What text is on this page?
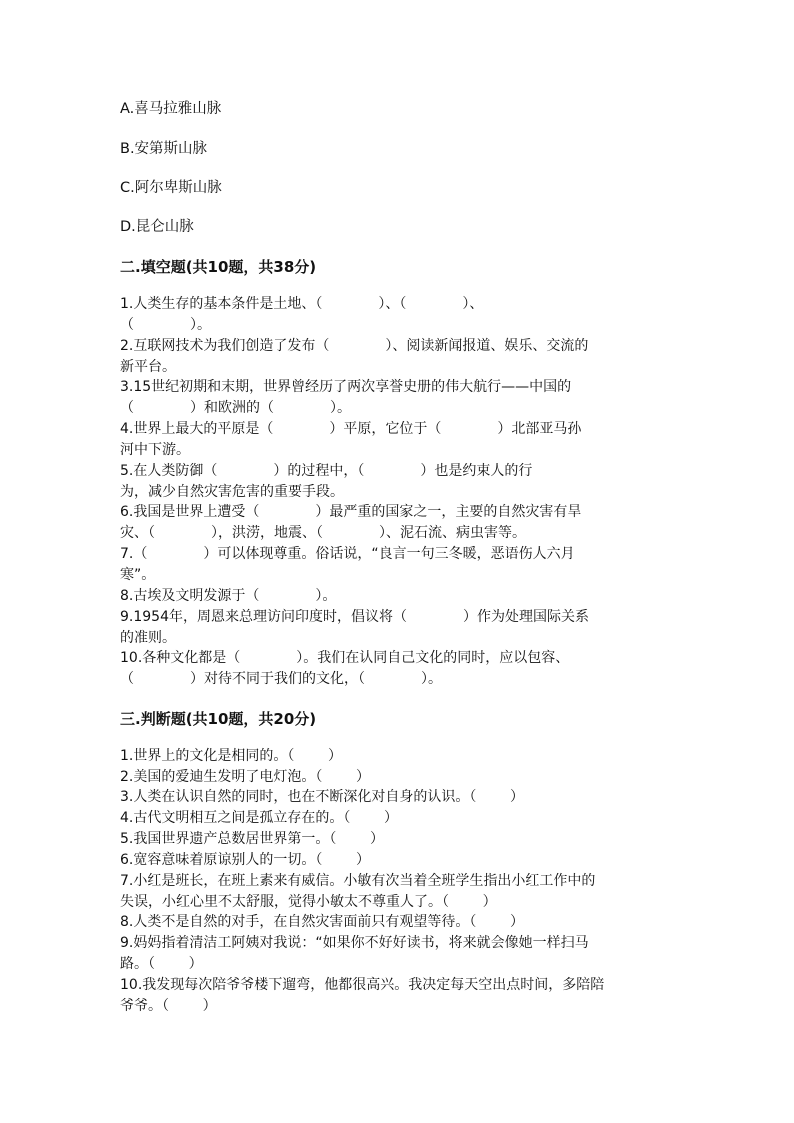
A.喜马拉雅山脉
B.安第斯山脉
C.阿尔卑斯山脉
D.昆仑山脉
二.填空题(共10题，共38分)
1.人类生存的基本条件是土地、（	）、（	）、
（	）。
2.互联网技术为我们创造了发布（	）、阅读新闻报道、娱乐、交流的
新平台。
3.15世纪初期和末期，世界曾经历了两次享誉史册的伟大航行——中国的
（	）和欧洲的（	）。
4.世界上最大的平原是（	）平原，它位于（	）北部亚马孙
河中下游。
5.在人类防御（	）的过程中，（	）也是约束人的行
为，减少自然灾害危害的重要手段。
6.我国是世界上遭受（	）最严重的国家之一，主要的自然灾害有旱
灾、（	），洪涝，地震、（	）、泥石流、病虫害等。
7.（	）可以体现尊重。俗话说，“良言一句三冬暖，恶语伤人六月
寒”。
8.古埃及文明发源于（	）。
9.1954年，周恩来总理访问印度时，倡议将（	）作为处理国际关系
的准则。
10.各种文化都是（	）。我们在认同自己文化的同时，应以包容、
（	）对待不同于我们的文化，（	）。
三.判断题(共10题，共20分)
1.世界上的文化是相同的。（ ）
2.美国的爱迪生发明了电灯泡。（ ）
3.人类在认识自然的同时，也在不断深化对自身的认识。（ ）
4.古代文明相互之间是孤立存在的。（ ）
5.我国世界遗产总数居世界第一。（ ）
6.宽容意味着原谅别人的一切。（ ）
7.小红是班长，在班上素来有威信。小敏有次当着全班学生指出小红工作中的
失误，小红心里不太舒服，觉得小敏太不尊重人了。（ ）
8.人类不是自然的对手，在自然灾害面前只有观望等待。（ ）
9.妈妈指着清洁工阿姨对我说：“如果你不好好读书，将来就会像她一样扫马
路。（ ）
10.我发现每次陪爷爷楼下遛弯，他都很高兴。我决定每天空出点时间，多陪陪
爷爷。（ ）
